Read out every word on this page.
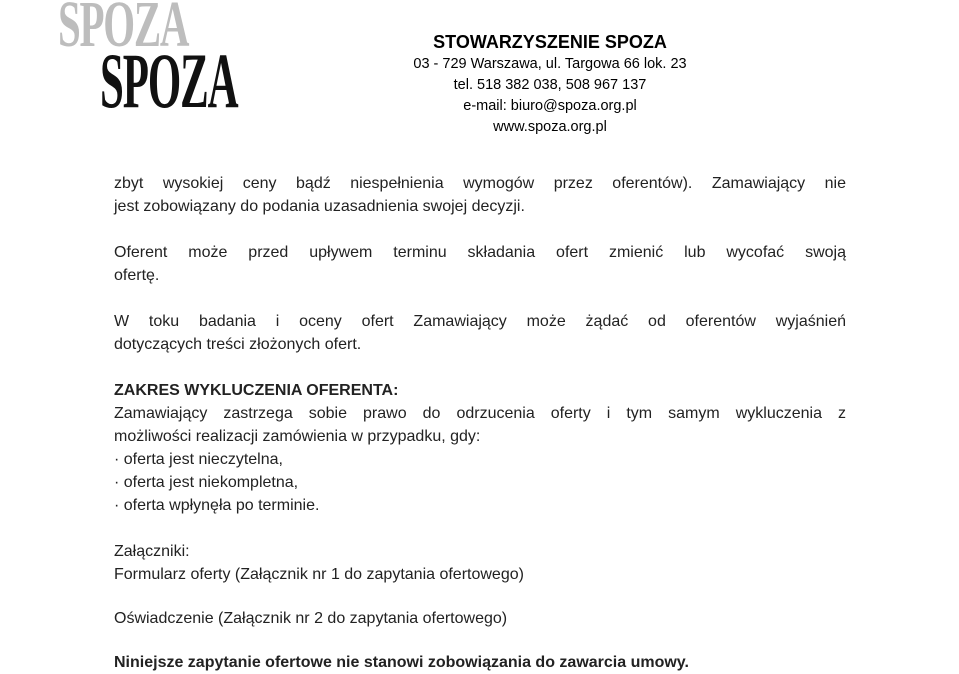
SPOZA
SPOZA	STOWARZYSZENIE SPOZA
03 - 729 Warszawa, ul. Targowa 66 lok. 23
tel. 518 382 038, 508 967 137
e-mail: biuro@spoza.org.pl
www.spoza.org.pl
zbyt wysokiej ceny bądź niespełnienia wymogów przez oferentów). Zamawiający nie
jest zobowiązany do podania uzasadnienia swojej decyzji.
Oferent może przed upływem terminu składania ofert zmienić lub wycofać swoją
ofertę.
W toku badania i oceny ofert Zamawiający może żądać od oferentów wyjaśnień
dotyczących treści złożonych ofert.
ZAKRES WYKLUCZENIA OFERENTA:
Zamawiający zastrzega sobie prawo do odrzucenia oferty i tym samym wykluczenia z
możliwości realizacji zamówienia w przypadku, gdy:
· oferta jest nieczytelna,
· oferta jest niekompletna,
· oferta wpłynęła po terminie.
Załączniki:
Formularz oferty (Załącznik nr 1 do zapytania ofertowego)
Oświadczenie (Załącznik nr 2 do zapytania ofertowego)
Niniejsze zapytanie ofertowe nie stanowi zobowiązania do zawarcia umowy.
